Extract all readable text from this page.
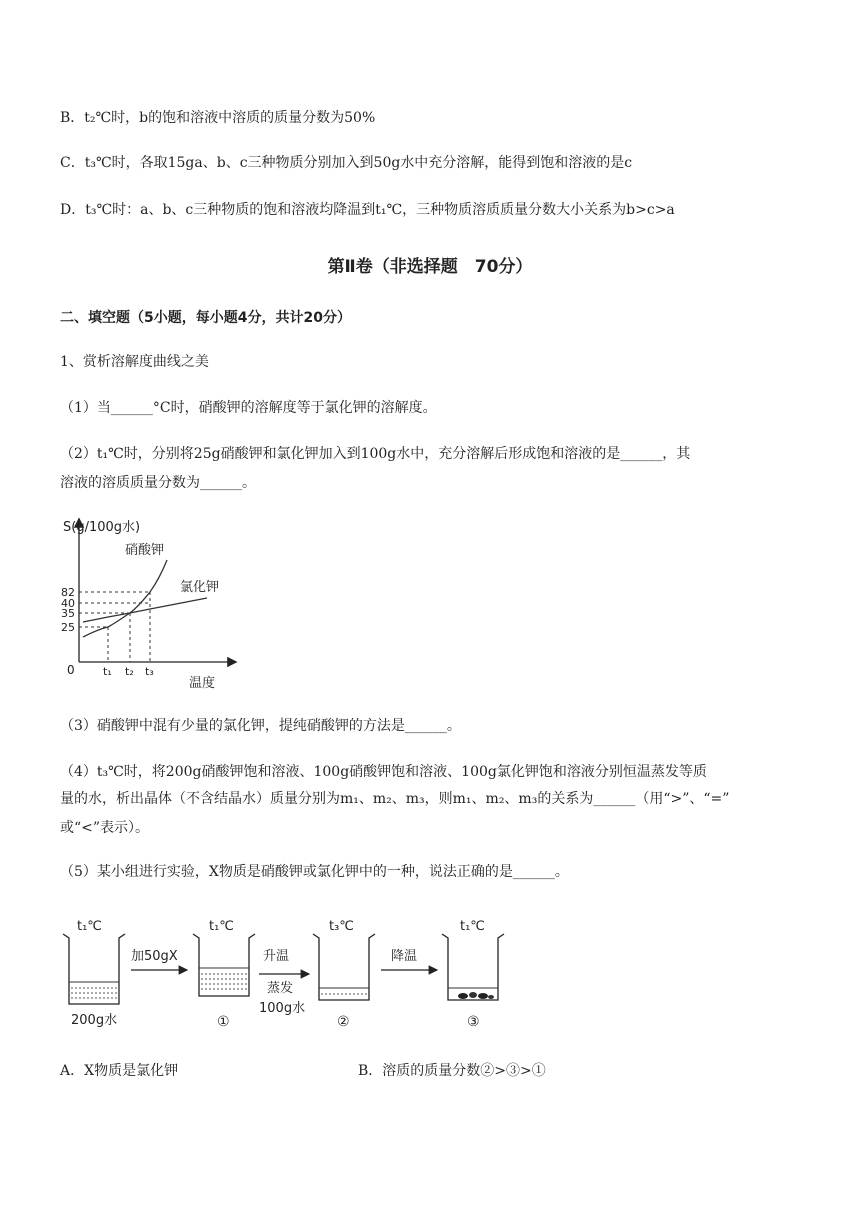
B．t₂℃时，b的饱和溶液中溶质的质量分数为50%
C．t₃℃时，各取15ga、b、c三种物质分别加入到50g水中充分溶解，能得到饱和溶液的是c
D．t₃℃时：a、b、c三种物质的饱和溶液均降温到t₁℃，三种物质溶质质量分数大小关系为b>c>a
第Ⅱ卷（非选择题　70分）
二、填空题（5小题，每小题4分，共计20分）
1、赏析溶解度曲线之美
（1）当______°C时，硝酸钾的溶解度等于氯化钾的溶解度。
（2）t₁℃时，分别将25g硝酸钾和氯化钾加入到100g水中，充分溶解后形成饱和溶液的是______，其
溶液的溶质质量分数为______。
S(g/100g水)
硝酸钾
氯化钾
82
40
35
25
0	t₁ t₂ t₃
温度
（3）硝酸钾中混有少量的氯化钾，提纯硝酸钾的方法是______。
（4）t₃℃时，将200g硝酸钾饱和溶液、100g硝酸钾饱和溶液、100g氯化钾饱和溶液分别恒温蒸发等质
量的水，析出晶体（不含结晶水）质量分别为m₁、m₂、m₃，则m₁、m₂、m₃的关系为______（用“>”、“=”
或“<”表示）。
（5）某小组进行实验，X物质是硝酸钾或氯化钾中的一种，说法正确的是______。
t₁℃	t₁℃	t₃℃	t₁℃
加50gX	升温
蒸发
100g水
降温
200g水	①	②	③
A．X物质是氯化钾	B．溶质的质量分数②>③>①
